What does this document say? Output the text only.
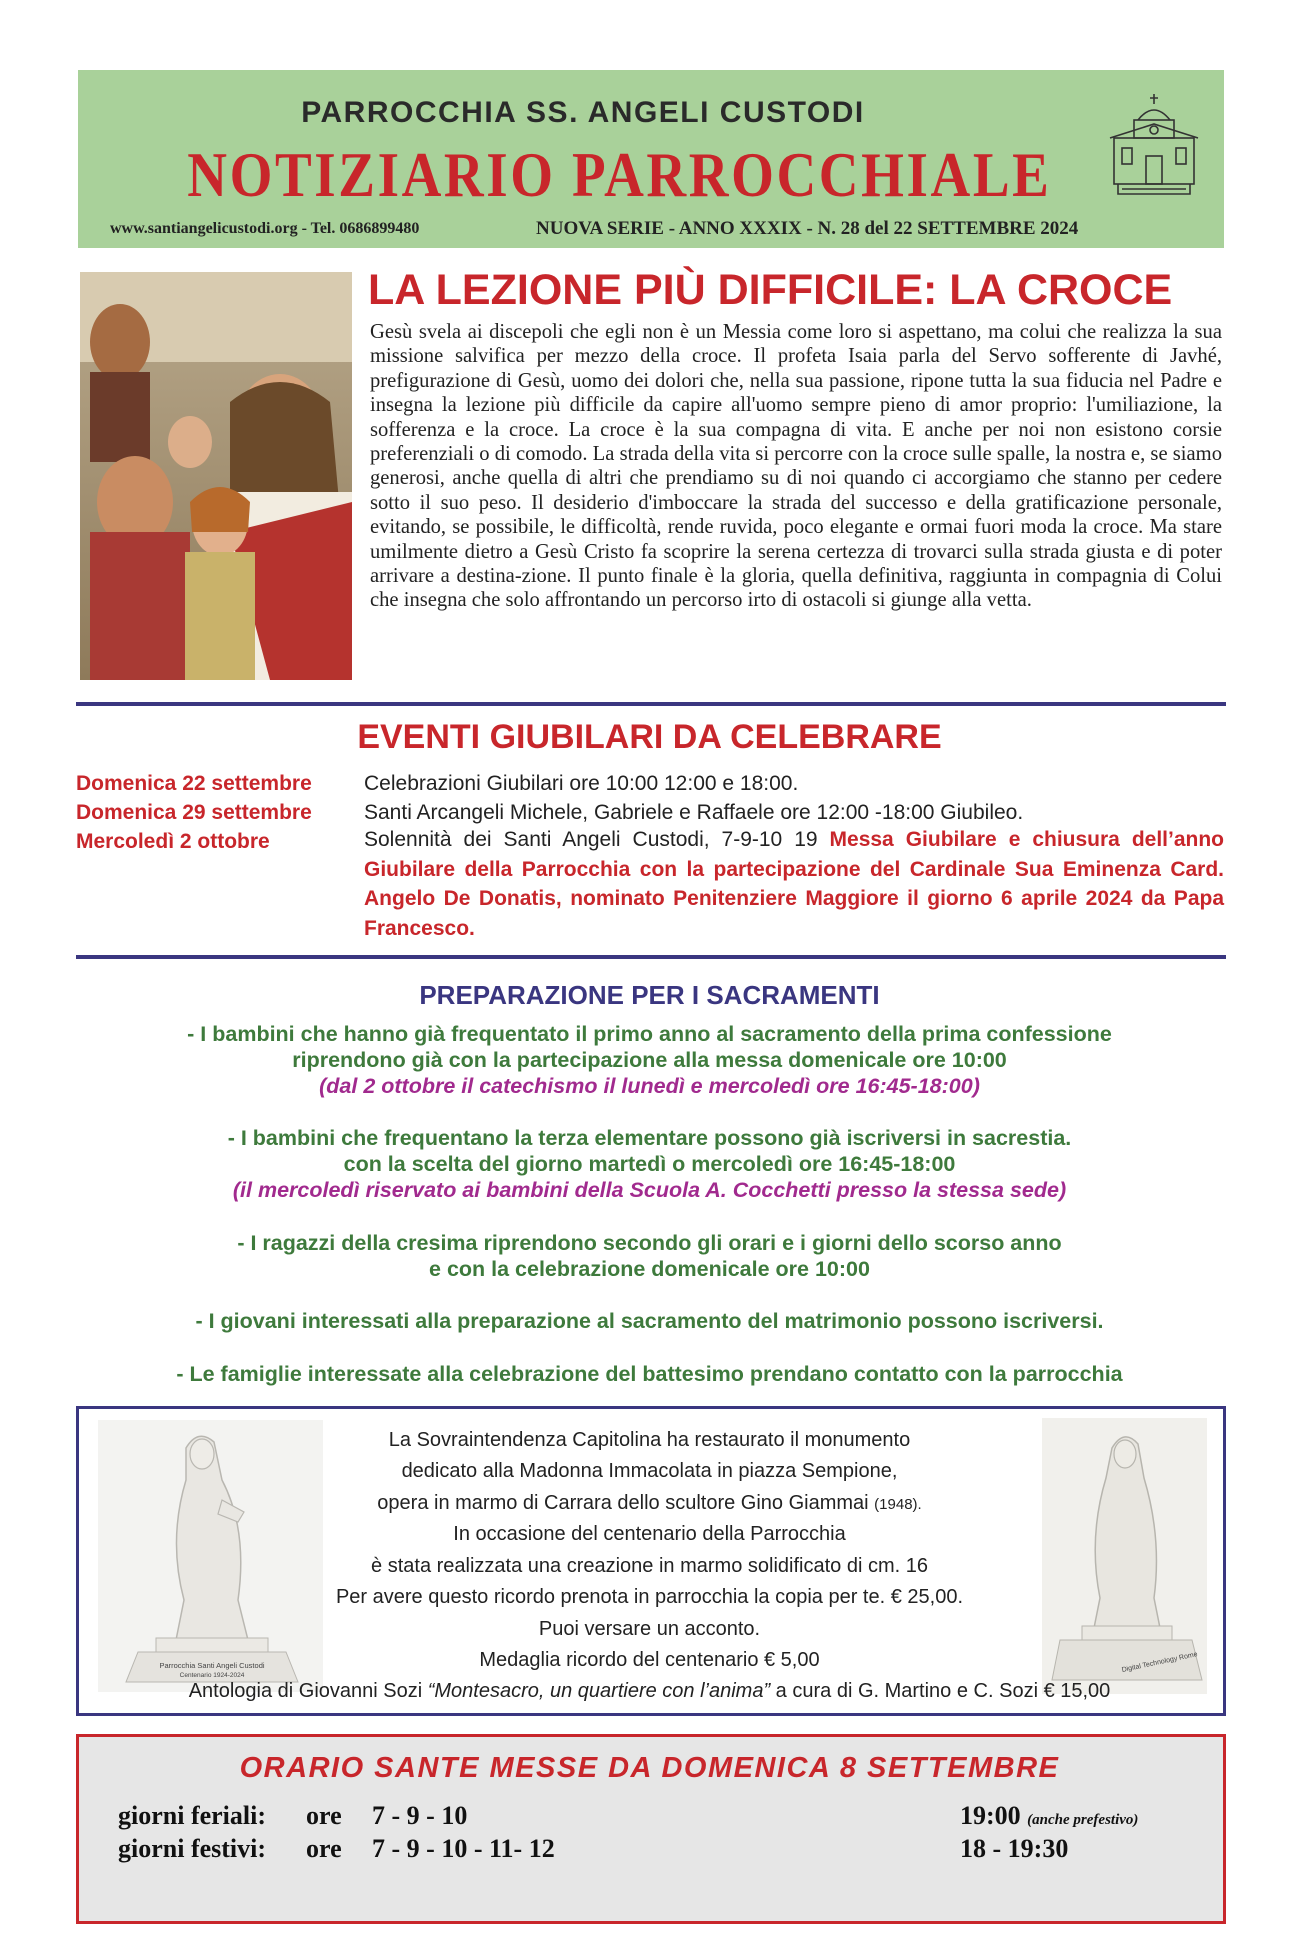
PARROCCHIA SS. ANGELI CUSTODI
NOTIZIARIO PARROCCHIALE
www.santiangelicustodi.org - Tel. 0686899480	NUOVA SERIE - ANNO XXXIX - N. 28 del 22 SETTEMBRE 2024
LA LEZIONE PIÙ DIFFICILE: LA CROCE
Gesù svela ai discepoli che egli non è un Messia come loro si aspettano, ma colui che realizza la sua missione salvifica per mezzo della croce. Il profeta Isaia parla del Servo sofferente di Javhé, prefigurazione di Gesù, uomo dei dolori che, nella sua passione, ripone tutta la sua fiducia nel Padre e insegna la lezione più difficile da capire all'uomo sempre pieno di amor proprio: l'umiliazione, la sofferenza e la croce. La croce è la sua compagna di vita. E anche per noi non esistono corsie preferenziali o di comodo. La strada della vita si percorre con la croce sulle spalle, la nostra e, se siamo generosi, anche quella di altri che prendiamo su di noi quando ci accorgiamo che stanno per cedere sotto il suo peso. Il desiderio d'imboccare la strada del successo e della gratificazione personale, evitando, se possibile, le difficoltà, rende ruvida, poco elegante e ormai fuori moda la croce. Ma stare umilmente dietro a Gesù Cristo fa scoprire la serena certezza di trovarci sulla strada giusta e di poter arrivare a destina-zione. Il punto finale è la gloria, quella definitiva, raggiunta in compagnia di Colui che insegna che solo affrontando un percorso irto di ostacoli si giunge alla vetta.
EVENTI GIUBILARI DA CELEBRARE
Domenica 22 settembre Celebrazioni Giubilari ore 10:00 12:00 e 18:00.
Domenica 29 settembre Santi Arcangeli Michele, Gabriele e Raffaele ore 12:00 -18:00 Giubileo.
Mercoledì 2 ottobre	Solennità dei Santi Angeli Custodi, 7-9-10 19 Messa Giubilare e chiusura dell’anno Giubilare della Parrocchia con la partecipazione del Cardinale Sua Eminenza Card. Angelo De Donatis, nominato Penitenziere Maggiore il giorno 6 aprile 2024 da Papa Francesco.
PREPARAZIONE PER I SACRAMENTI
- I bambini che hanno già frequentato il primo anno al sacramento della prima confessione
riprendono già con la partecipazione alla messa domenicale ore 10:00
(dal 2 ottobre il catechismo il lunedì e mercoledì ore 16:45-18:00)
- I bambini che frequentano la terza elementare possono già iscriversi in sacrestia.
con la scelta del giorno martedì o mercoledì ore 16:45-18:00
(il mercoledì riservato ai bambini della Scuola A. Cocchetti presso la stessa sede)
- I ragazzi della cresima riprendono secondo gli orari e i giorni dello scorso anno
e con la celebrazione domenicale ore 10:00
- I giovani interessati alla preparazione al sacramento del matrimonio possono iscriversi.
- Le famiglie interessate alla celebrazione del battesimo prendano contatto con la parrocchia
Parrocchia Santi Angeli Custodi
Centenario 1924-2024
Digital Technology Rome
La Sovraintendenza Capitolina ha restaurato il monumento
dedicato alla Madonna Immacolata in piazza Sempione,
opera in marmo di Carrara dello scultore Gino Giammai (1948).
In occasione del centenario della Parrocchia
è stata realizzata una creazione in marmo solidificato di cm. 16
Per avere questo ricordo prenota in parrocchia la copia per te. € 25,00.
Puoi versare un acconto.
Medaglia ricordo del centenario € 5,00
Antologia di Giovanni Sozi “Montesacro, un quartiere con l’anima” a cura di G. Martino e C. Sozi € 15,00
ORARIO SANTE MESSE DA DOMENICA 8 SETTEMBRE
giorni feriali: ore 7 - 9 - 10	19:00 (anche prefestivo)
giorni festivi: ore 7 - 9 - 10 - 11- 12	18 - 19:30
